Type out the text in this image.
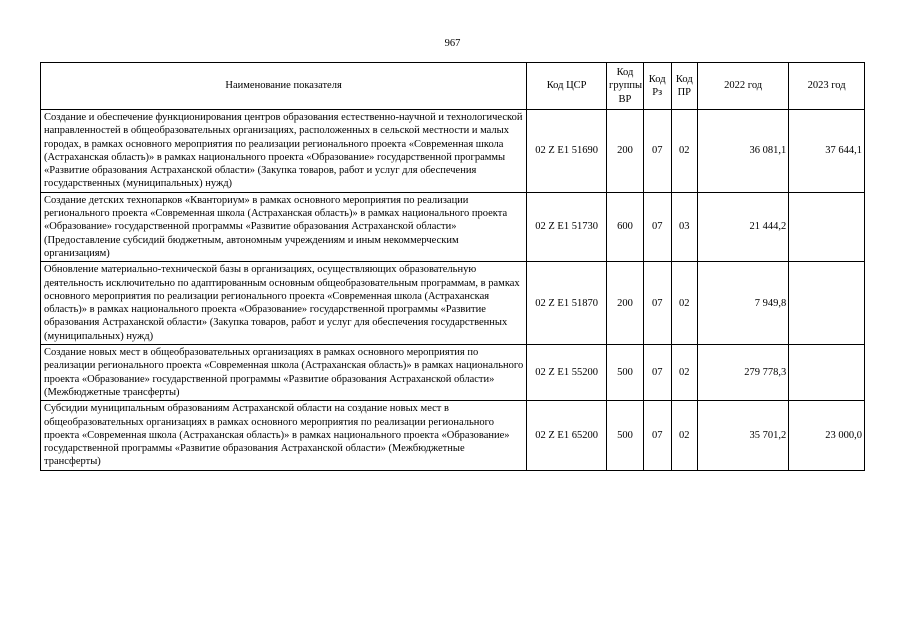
967
Наименование показателя	Код ЦСР	Код группы ВР	Код Рз	Код ПР	2022 год	2023 год
Создание и обеспечение функционирования центров образования естественно-научной и технологической направленностей в общеобразовательных организациях, расположенных в сельской местности и малых городах, в рамках основного мероприятия по реализации регионального проекта «Современная школа (Астраханская область)» в рамках национального проекта «Образование» государственной программы «Развитие образования Астраханской области» (Закупка товаров, работ и услуг для обеспечения государственных (муниципальных) нужд)	02 Z E1 51690	200	07	02	36 081,1	37 644,1
Создание детских технопарков «Кванториум» в рамках основного мероприятия по реализации регионального проекта «Современная школа (Астраханская область)» в рамках национального проекта «Образование» государственной программы «Развитие образования Астраханской области» (Предоставление субсидий бюджетным, автономным учреждениям и иным некоммерческим организациям)	02 Z E1 51730	600	07	03	21 444,2	
Обновление материально-технической базы в организациях, осуществляющих образовательную деятельность исключительно по адаптированным основным общеобразовательным программам, в рамках основного мероприятия по реализации регионального проекта «Современная школа (Астраханская область)» в рамках национального проекта «Образование» государственной программы «Развитие образования Астраханской области» (Закупка товаров, работ и услуг для обеспечения государственных (муниципальных) нужд)	02 Z E1 51870	200	07	02	7 949,8	
Создание новых мест в общеобразовательных организациях в рамках основного мероприятия по реализации регионального проекта «Современная школа (Астраханская область)» в рамках национального проекта «Образование» государственной программы «Развитие образования Астраханской области» (Межбюджетные трансферты)	02 Z E1 55200	500	07	02	279 778,3	
Субсидии муниципальным образованиям Астраханской области на создание новых мест в общеобразовательных организациях в рамках основного мероприятия по реализации регионального проекта «Современная школа (Астраханская область)» в рамках национального проекта «Образование» государственной программы «Развитие образования Астраханской области» (Межбюджетные трансферты)	02 Z E1 65200	500	07	02	35 701,2	23 000,0
